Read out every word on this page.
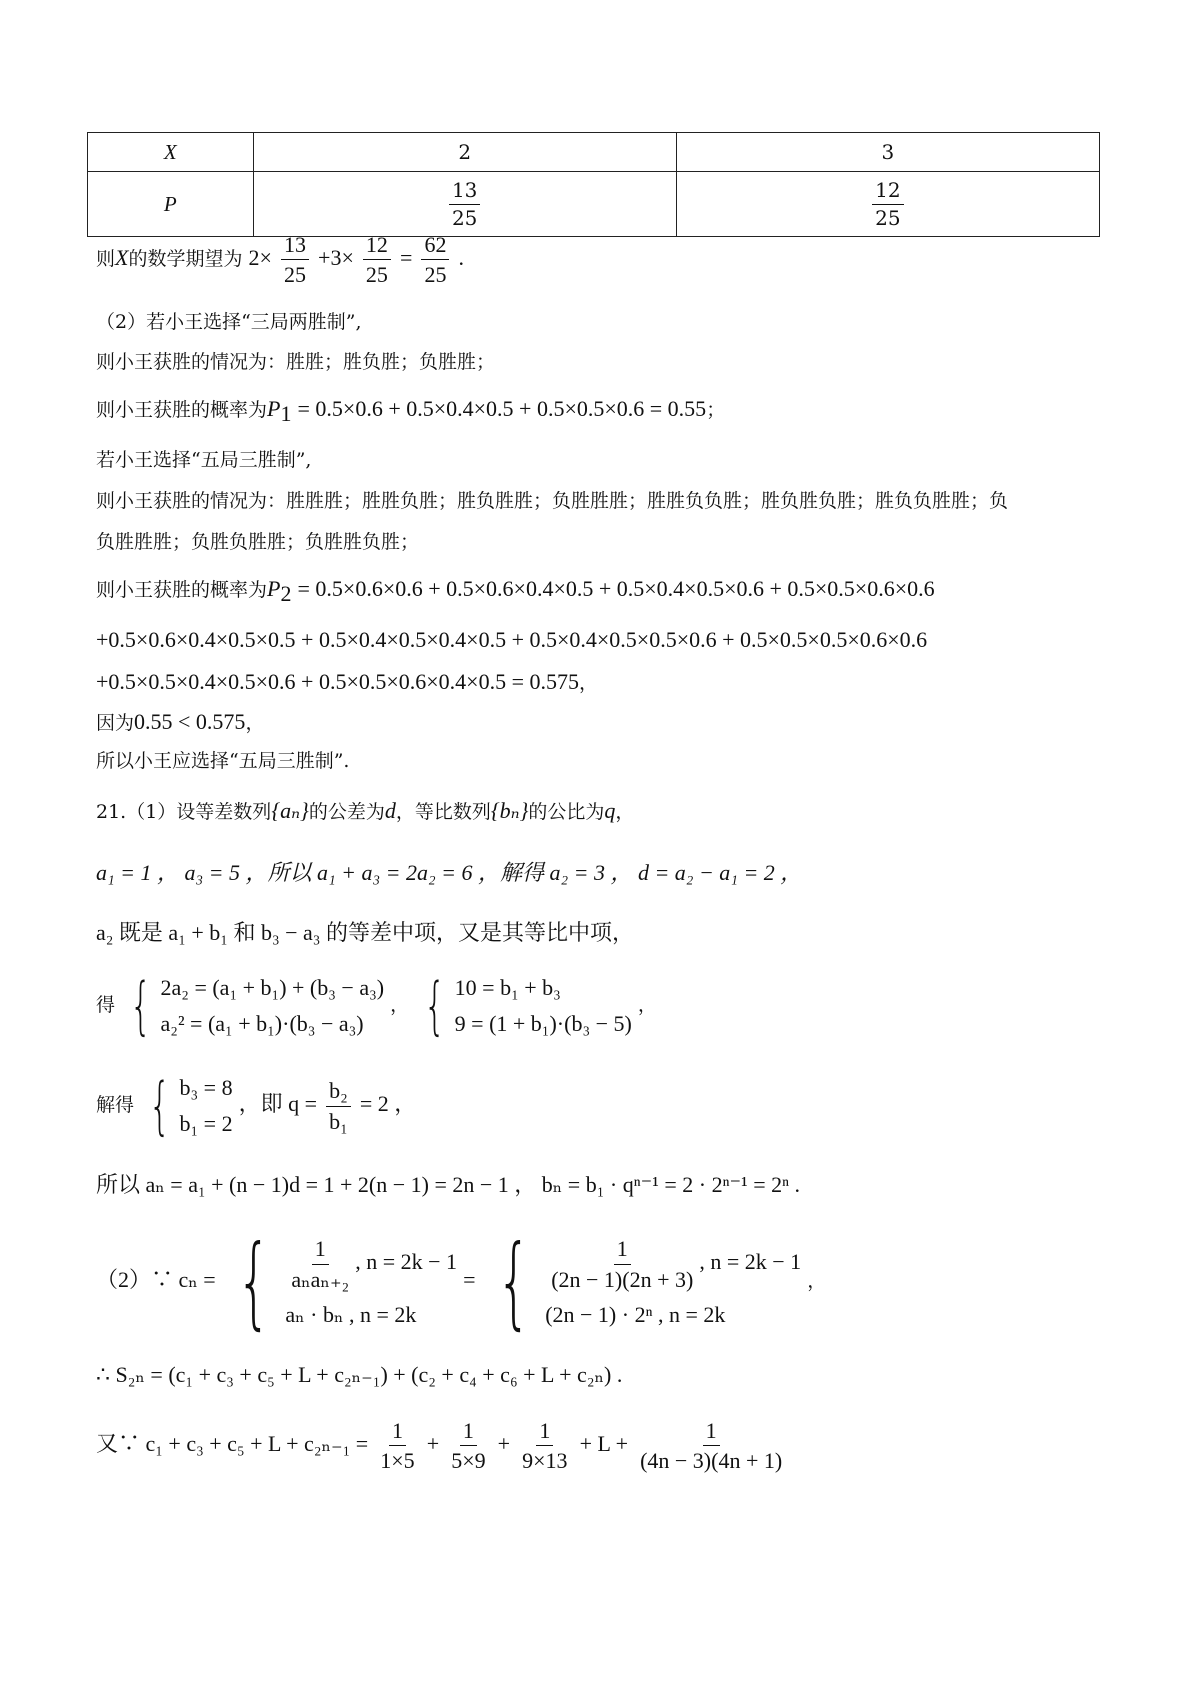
X	2	3
P	$\frac{13}{25}$	$\frac{12}{25}$
则X的数学期望为 $2\times \frac{13}{25} +3\times \frac{12}{25} = \frac{62}{25}$ .
（2）若小王选择“三局两胜制”,
则小王获胜的情况为：胜胜；胜负胜；负胜胜；
则小王获胜的概率为$P_1 = 0.5\times 0.6 + 0.5\times 0.4\times 0.5 + 0.5\times 0.5\times 0.6 = 0.55$；
若小王选择“五局三胜制”,
则小王获胜的情况为：胜胜胜；胜胜负胜；胜负胜胜；负胜胜胜；胜胜负负胜；胜负胜负胜；胜负负胜胜；负
负胜胜胜；负胜负胜胜；负胜胜负胜；
则小王获胜的概率为$P_2 = 0.5\times 0.6\times 0.6 + 0.5\times 0.6\times 0.4\times 0.5 + 0.5\times 0.4\times 0.5\times 0.6 + 0.5\times 0.5\times 0.6\times 0.6$
+0.5×0.6×0.4×0.5×0.5 + 0.5×0.4×0.5×0.4×0.5 + 0.5×0.4×0.5×0.5×0.6 + 0.5×0.5×0.5×0.6×0.6
+0.5×0.5×0.4×0.5×0.6 + 0.5×0.5×0.6×0.4×0.5 = 0.575，
因为0.55 < 0.575，
所以小王应选择“五局三胜制”.
21.（1）设等差数列{aₙ}的公差为d，等比数列{bₙ}的公比为q，
a₁ = 1 ， a₃ = 5 ，所以 a₁ + a₃ = 2a₂ = 6 ，解得 a₂ = 3 ， d = a₂ − a₁ = 2 ，
a₂ 既是 a₁ + b₁ 和 b₃ − a₃ 的等差中项，又是其等比中项，
得 { 2a₂ = (a₁ + b₁) + (b₃ − a₃)
a₂² = (a₁ + b₁)·(b₃ − a₃)
， { 10 = b₁ + b₃
9 = (1 + b₁)·(b₃ − 5)
，
解得 { b₃ = 8
b₁ = 2
，即 $q = \frac{\text{b₂}}{\text{b₁}} = 2$ ，
所以 aₙ = a₁ + (n − 1)d = 1 + 2(n − 1) = 2n − 1 ， bₙ = b₁ · qⁿ⁻¹ = 2 · 2ⁿ⁻¹ = 2ⁿ .
（2）∵ cₙ = { $\frac{1}{\text{aₙaₙ₊₂}}$ , n = 2k − 1
aₙ · bₙ , n = 2k
= { $\frac{1}{(2n - 1)(2n + 3)}$ , n = 2k − 1
(2n − 1) · 2ⁿ , n = 2k
，
∴ S₂ₙ = (c₁ + c₃ + c₅ + L + c₂ₙ₋₁) + (c₂ + c₄ + c₆ + L + c₂ₙ) .
又∵ $c_1 + c_3 + c_5 + L + c_{2n-1} = \frac{1}{1\times 5} + \frac{1}{5\times 9} + \frac{1}{9\times 13} + L + \frac{1}{(4n - 3)(4n + 1)}$
